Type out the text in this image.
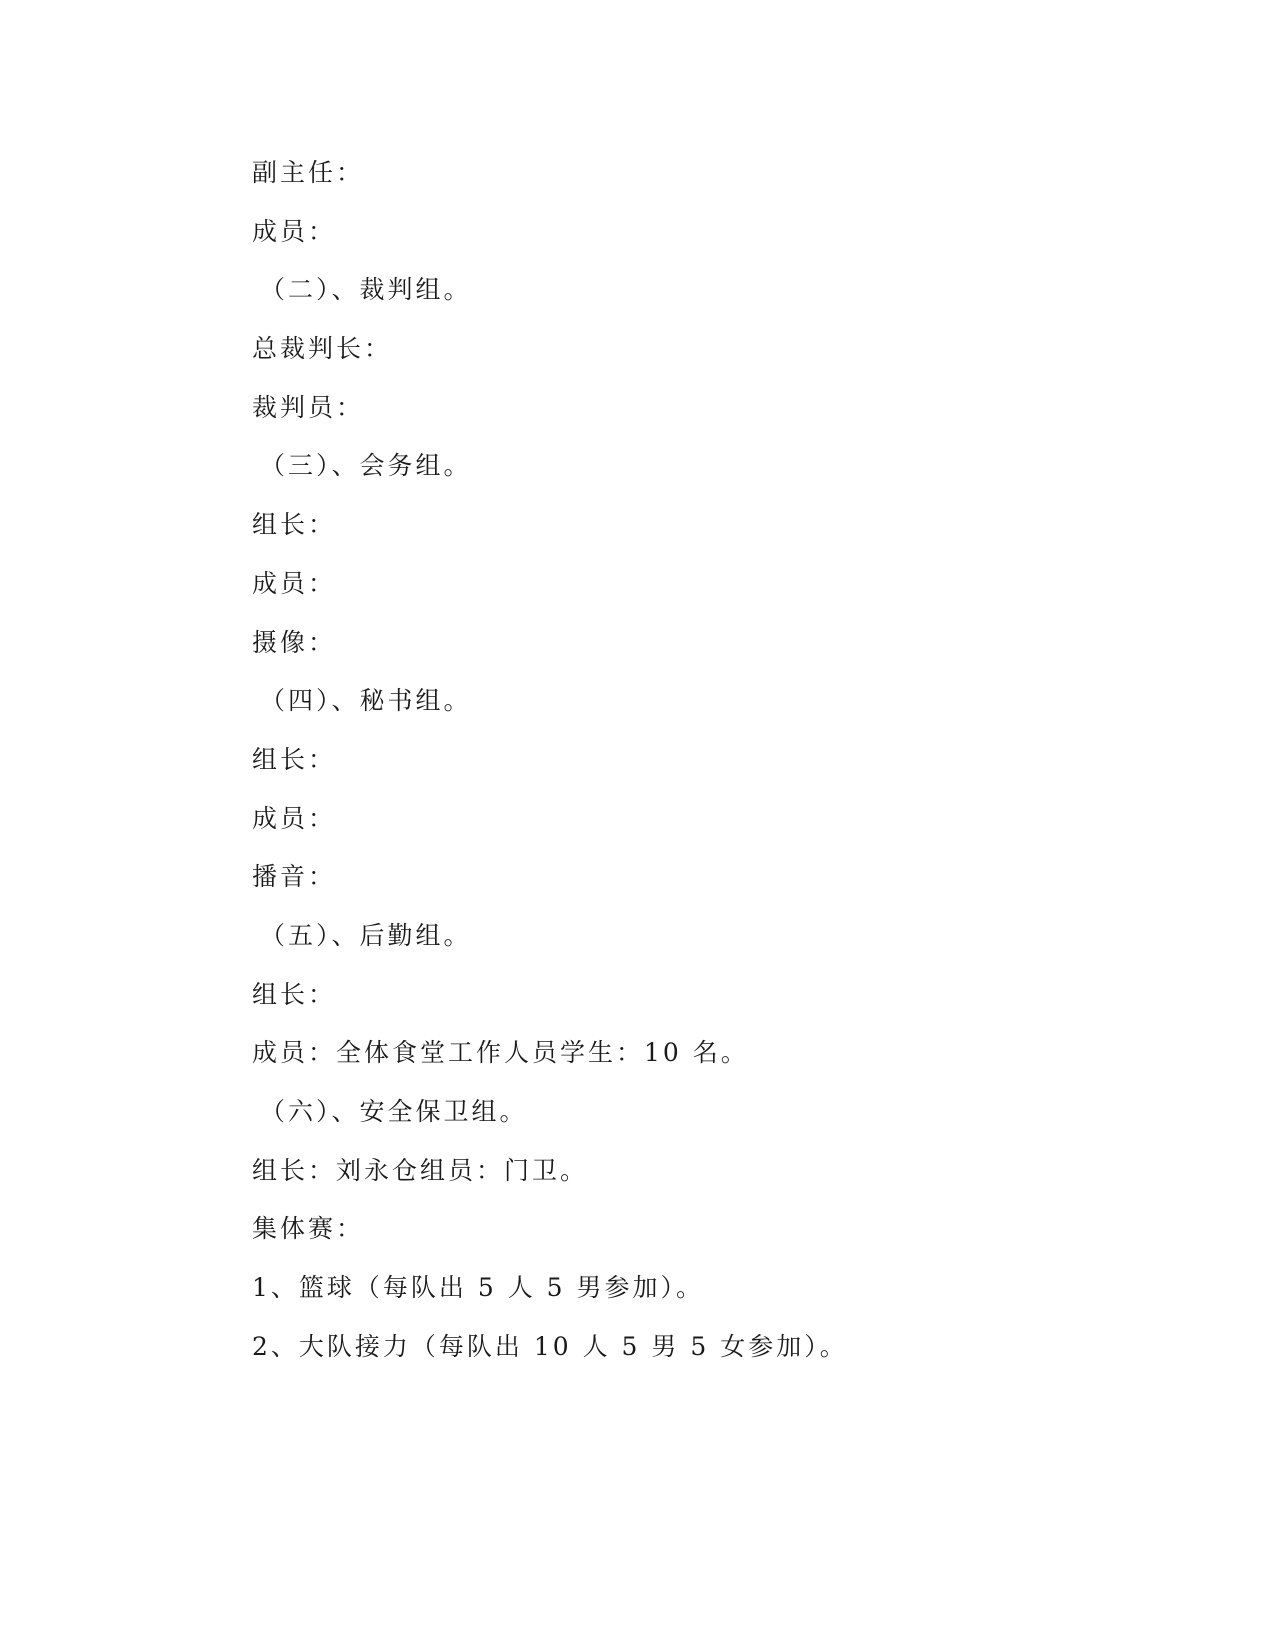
副主任：
成员：
（二）、裁判组。
总裁判长：
裁判员：
（三）、会务组。
组长：
成员：
摄像：
（四）、秘书组。
组长：
成员：
播音：
（五）、后勤组。
组长：
成员：全体食堂工作人员学生：10 名。
（六）、安全保卫组。
组长：刘永仓组员：门卫。
集体赛：
1、篮球（每队出 5 人 5 男参加）。
2、大队接力（每队出 10 人 5 男 5 女参加）。
